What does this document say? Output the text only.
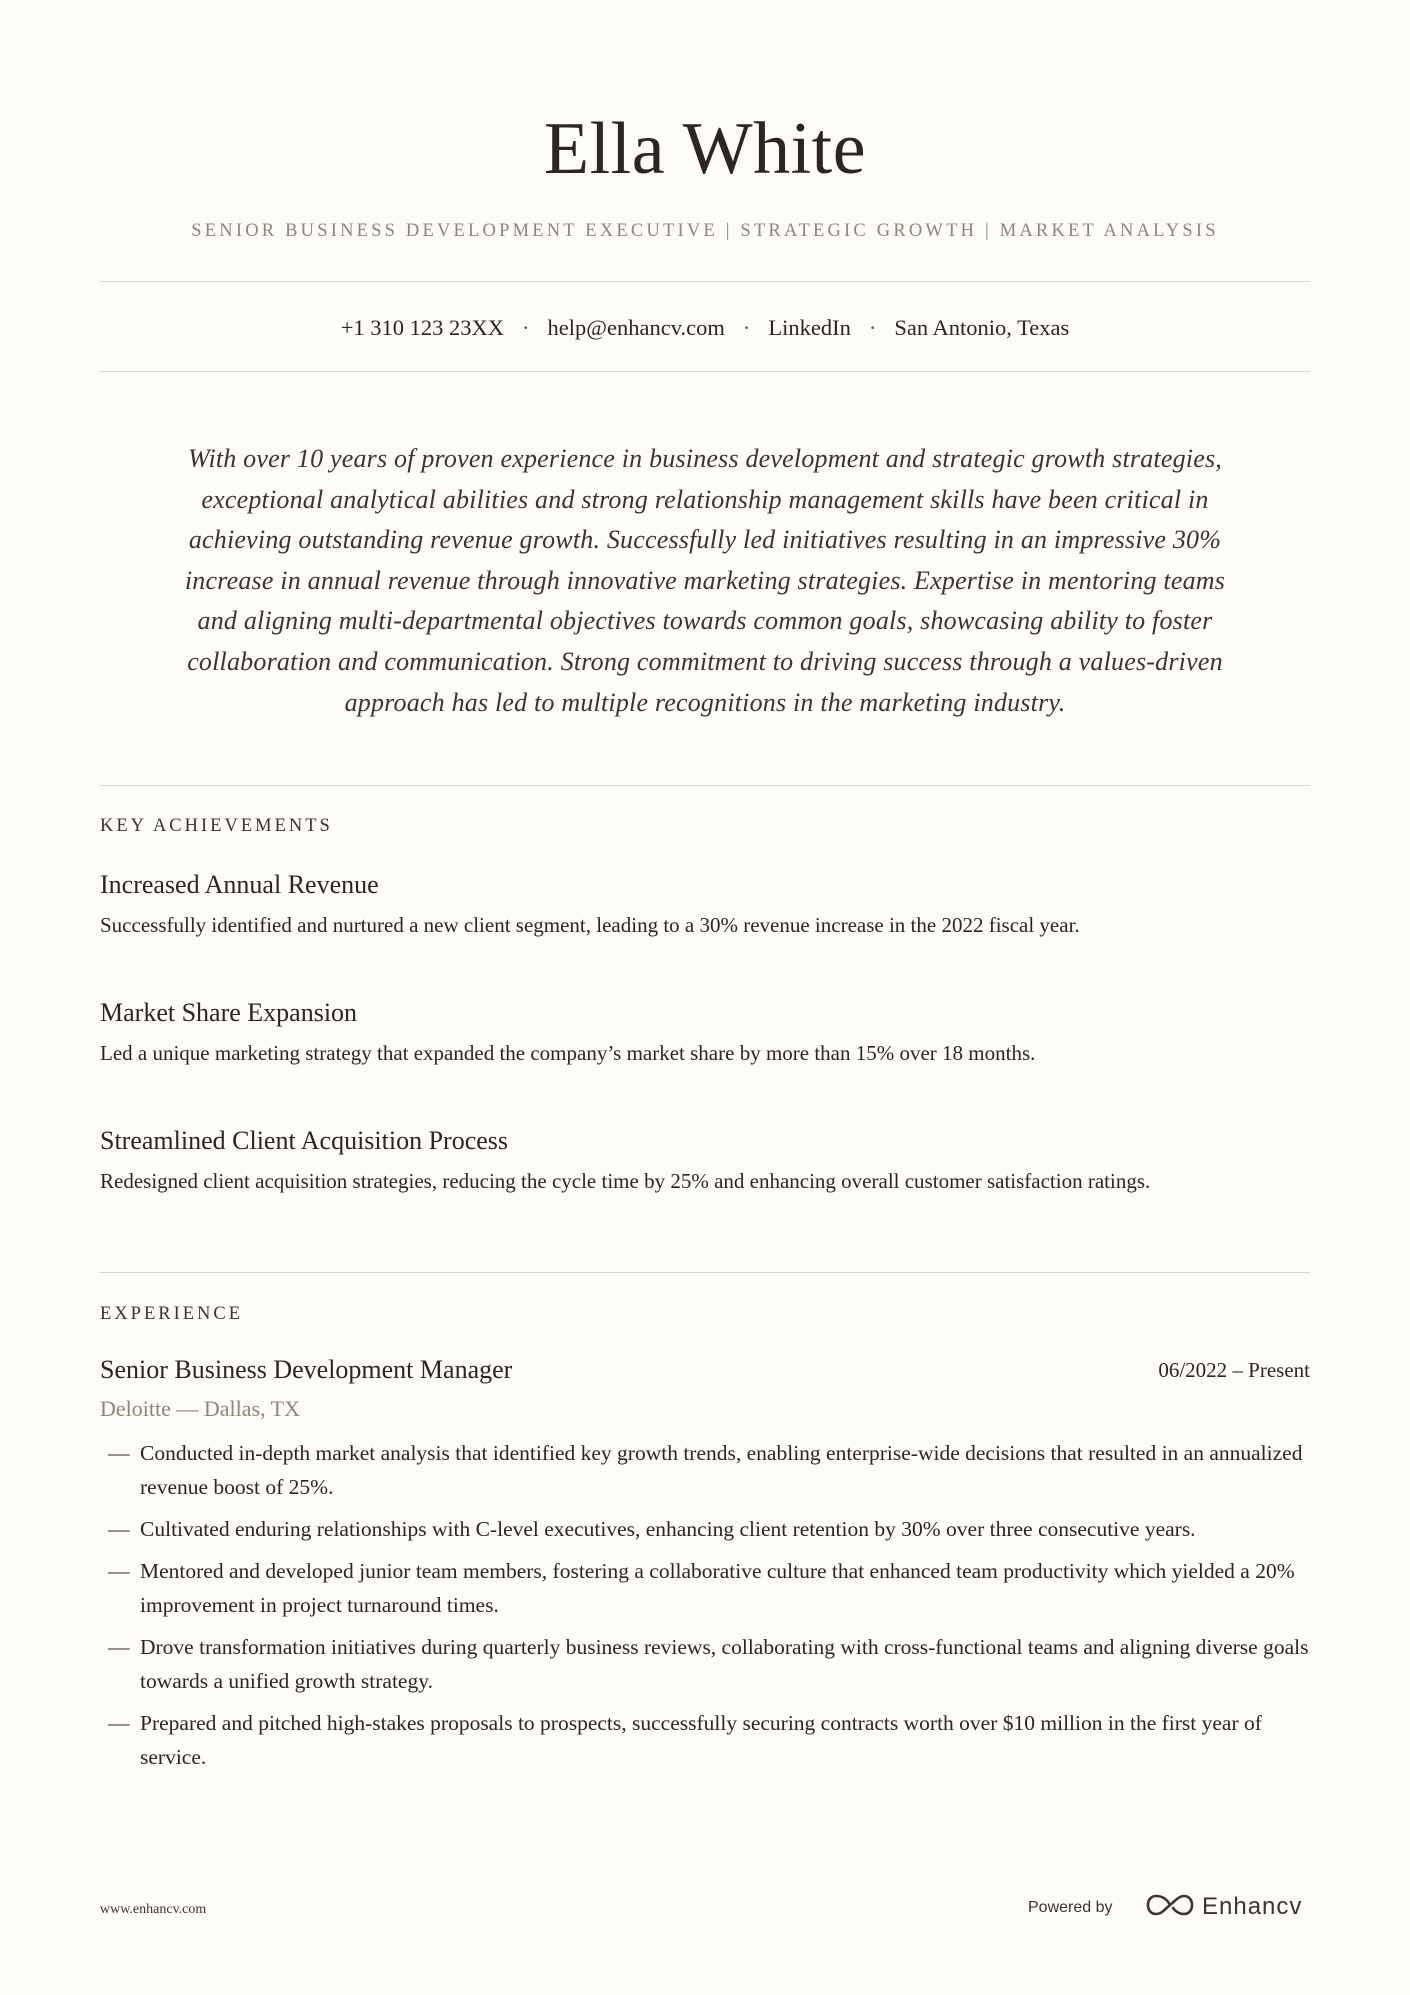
Ella White
SENIOR BUSINESS DEVELOPMENT EXECUTIVE | STRATEGIC GROWTH | MARKET ANALYSIS
+1 310 123 23XX · help@enhancv.com · LinkedIn · San Antonio, Texas
With over 10 years of proven experience in business development and strategic growth strategies, exceptional analytical abilities and strong relationship management skills have been critical in achieving outstanding revenue growth. Successfully led initiatives resulting in an impressive 30% increase in annual revenue through innovative marketing strategies. Expertise in mentoring teams and aligning multi-departmental objectives towards common goals, showcasing ability to foster collaboration and communication. Strong commitment to driving success through a values-driven approach has led to multiple recognitions in the marketing industry.
KEY ACHIEVEMENTS
Increased Annual Revenue
Successfully identified and nurtured a new client segment, leading to a 30% revenue increase in the 2022 fiscal year.
Market Share Expansion
Led a unique marketing strategy that expanded the company’s market share by more than 15% over 18 months.
Streamlined Client Acquisition Process
Redesigned client acquisition strategies, reducing the cycle time by 25% and enhancing overall customer satisfaction ratings.
EXPERIENCE
Senior Business Development Manager	06/2022 – Present
Deloitte — Dallas, TX
— Conducted in-depth market analysis that identified key growth trends, enabling enterprise-wide decisions that resulted in an annualized revenue boost of 25%.
— Cultivated enduring relationships with C-level executives, enhancing client retention by 30% over three consecutive years.
— Mentored and developed junior team members, fostering a collaborative culture that enhanced team productivity which yielded a 20% improvement in project turnaround times.
— Drove transformation initiatives during quarterly business reviews, collaborating with cross-functional teams and aligning diverse goals towards a unified growth strategy.
— Prepared and pitched high-stakes proposals to prospects, successfully securing contracts worth over $10 million in the first year of service.
www.enhancv.com	Powered by	Enhancv
